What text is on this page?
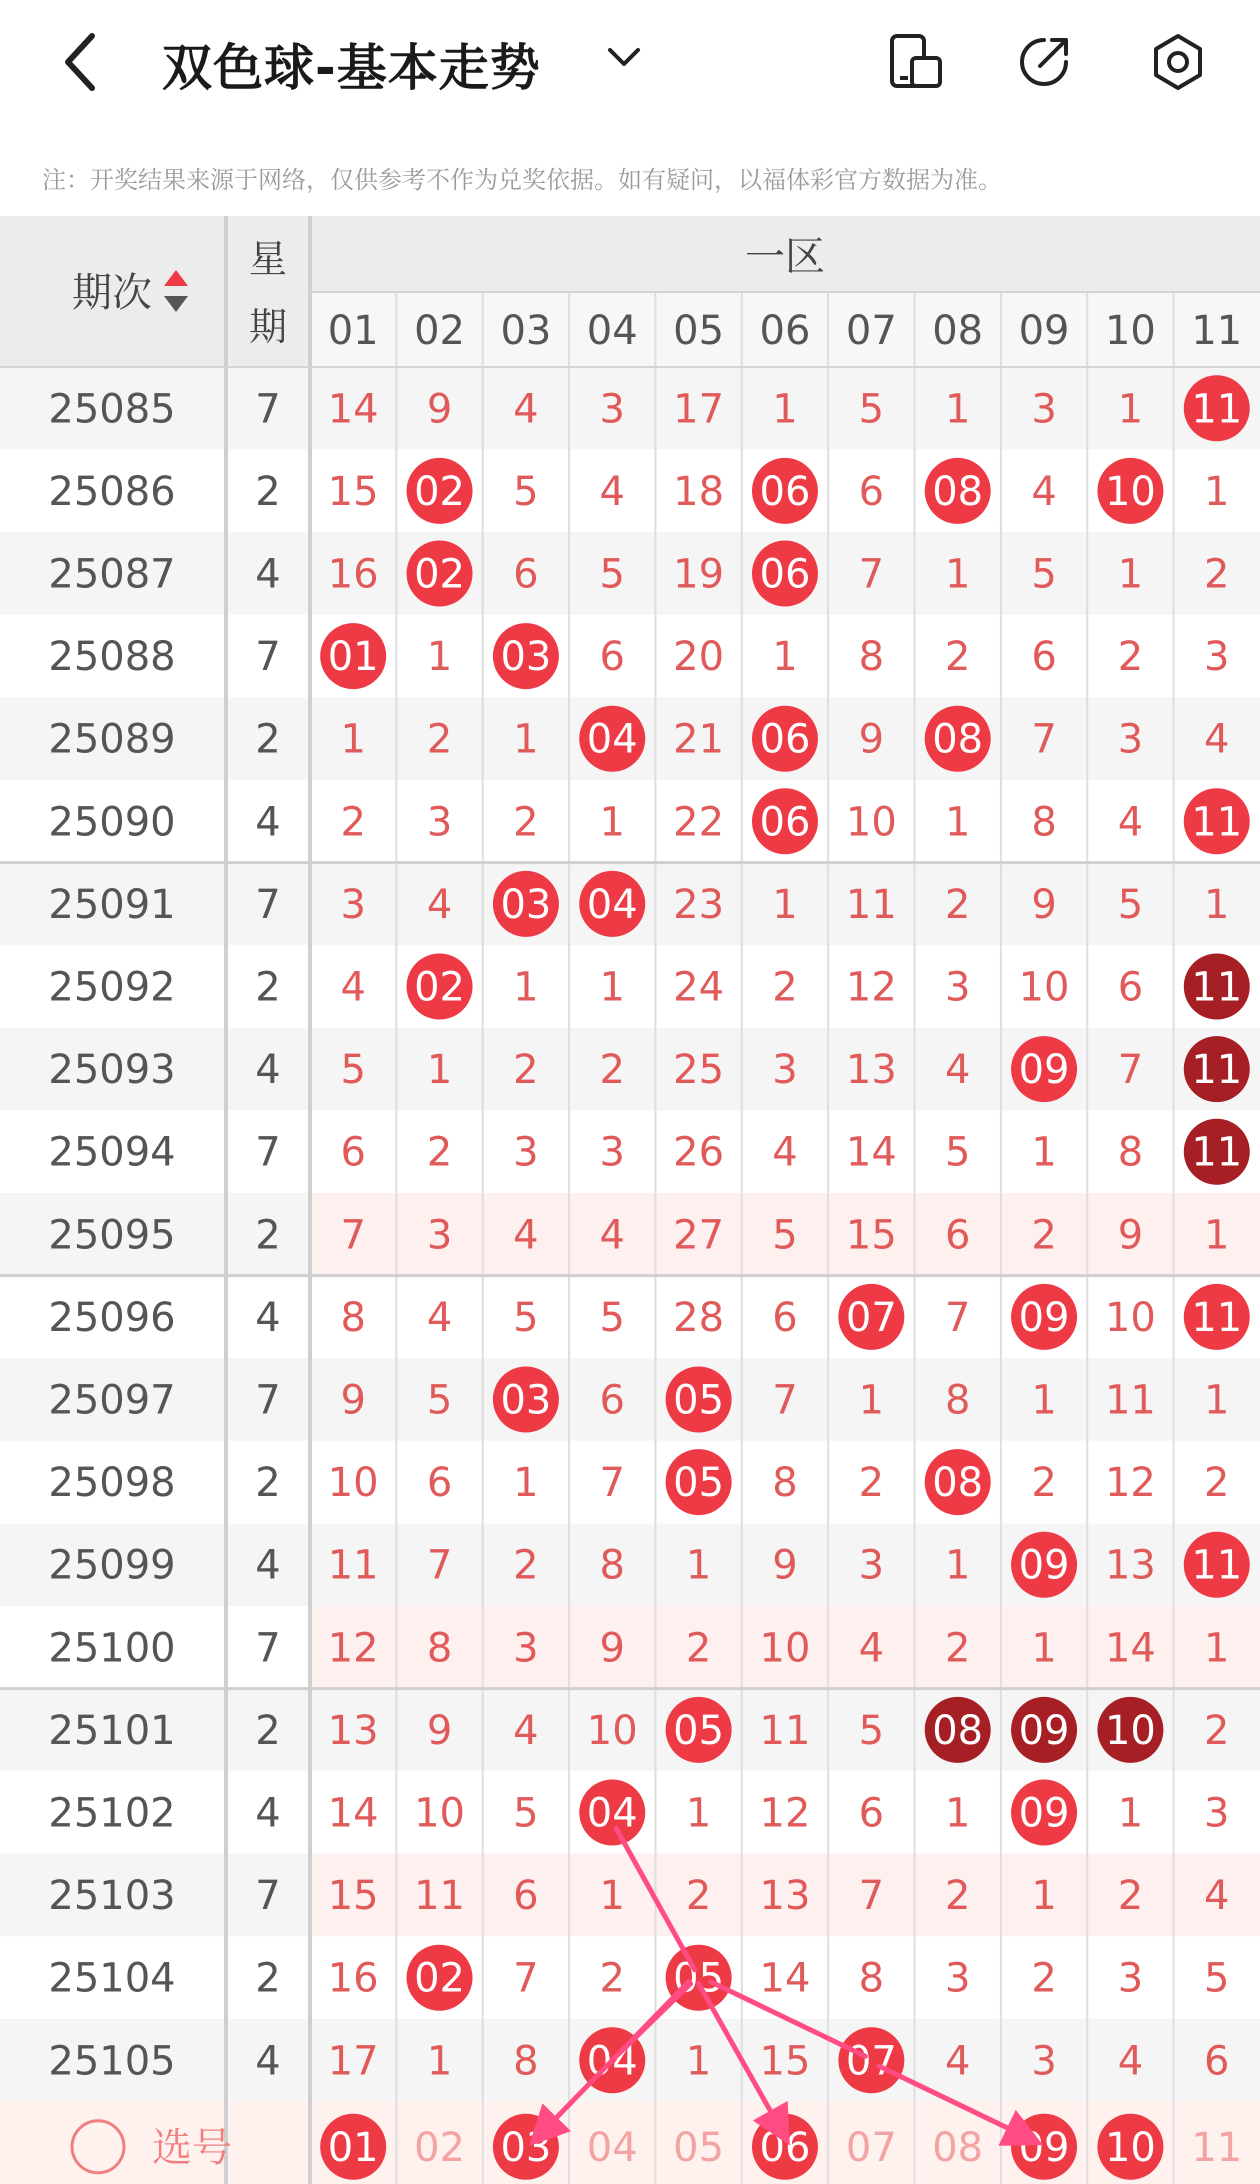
双色球-基本走势
注：开奖结果来源于网络，仅供参考不作为兑奖依据。如有疑问，以福体彩官方数据为准。
期次
星
期
一区
01 02 03 04 05 06 07 08 09 10 11
25085 7 14 9 4 3 17 1 5 1 3 1 11
25086 2 15 02 5 4 18 06 6 08 4 10 1
25087 4 16 02 6 5 19 06 7 1 5 1 2
25088 7 01 1 03 6 20 1 8 2 6 2 3
25089 2 1 2 1 04 21 06 9 08 7 3 4
25090 4 2 3 2 1 22 06 10 1 8 4 11
25091 7 3 4 03 04 23 1 11 2 9 5 1
25092 2 4 02 1 1 24 2 12 3 10 6 11
25093 4 5 1 2 2 25 3 13 4 09 7 11
25094 7 6 2 3 3 26 4 14 5 1 8 11
25095 2 7 3 4 4 27 5 15 6 2 9 1
25096 4 8 4 5 5 28 6 07 7 09 10 11
25097 7 9 5 03 6 05 7 1 8 1 11 1
25098 2 10 6 1 7 05 8 2 08 2 12 2
25099 4 11 7 2 8 1 9 3 1 09 13 11
25100 7 12 8 3 9 2 10 4 2 1 14 1
25101 2 13 9 4 10 05 11 5 08 09 10 2
25102 4 14 10 5 04 1 12 6 1 09 1 3
25103 7 15 11 6 1 2 13 7 2 1 2 4
25104 2 16 02 7 2 05 14 8 3 2 3 5
25105 4 17 1 8 04 1 15 07 4 3 4 6
选号 01 02 03 04 05 06 07 08 09 10 11
